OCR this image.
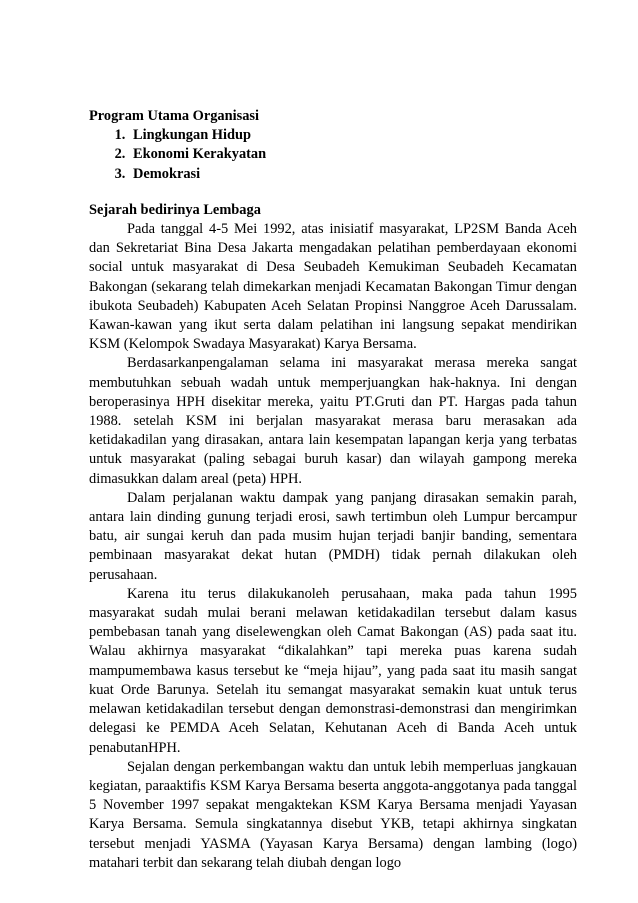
Program Utama Organisasi
1. Lingkungan Hidup
2. Ekonomi Kerakyatan
3. Demokrasi
Sejarah bedirinya Lembaga

Pada tanggal 4-5 Mei 1992, atas inisiatif masyarakat, LP2SM Banda Aceh dan Sekretariat Bina Desa Jakarta mengadakan pelatihan pemberdayaan ekonomi social untuk masyarakat di Desa Seubadeh Kemukiman Seubadeh Kecamatan Bakongan (sekarang telah dimekarkan menjadi Kecamatan Bakongan Timur dengan ibukota Seubadeh) Kabupaten Aceh Selatan Propinsi Nanggroe Aceh Darussalam. Kawan-kawan yang ikut serta dalam pelatihan ini langsung sepakat mendirikan KSM (Kelompok Swadaya Masyarakat) Karya Bersama.

Berdasarkanpengalaman selama ini masyarakat merasa mereka sangat membutuhkan sebuah wadah untuk memperjuangkan hak-haknya. Ini dengan beroperasinya HPH disekitar mereka, yaitu PT.Gruti dan PT. Hargas pada tahun 1988. setelah KSM ini berjalan masyarakat merasa baru merasakan ada ketidakadilan yang dirasakan, antara lain kesempatan lapangan kerja yang terbatas untuk masyarakat (paling sebagai buruh kasar) dan wilayah gampong mereka dimasukkan dalam areal (peta) HPH.

Dalam perjalanan waktu dampak yang panjang dirasakan semakin parah, antara lain dinding gunung terjadi erosi, sawh tertimbun oleh Lumpur bercampur batu, air sungai keruh dan pada musim hujan terjadi banjir banding, sementara pembinaan masyarakat dekat hutan (PMDH) tidak pernah dilakukan oleh perusahaan.

Karena itu terus dilakukanoleh perusahaan, maka pada tahun 1995 masyarakat sudah mulai berani melawan ketidakadilan tersebut dalam kasus pembebasan tanah yang diselewengkan oleh Camat Bakongan (AS) pada saat itu. Walau akhirnya masyarakat “dikalahkan” tapi mereka puas karena sudah mampumembawa kasus tersebut ke “meja hijau”, yang pada saat itu masih sangat kuat Orde Barunya. Setelah itu semangat masyarakat semakin kuat untuk terus melawan ketidakadilan tersebut dengan demonstrasi-demonstrasi dan mengirimkan delegasi ke PEMDA Aceh Selatan, Kehutanan Aceh di Banda Aceh untuk penabutanHPH.

Sejalan dengan perkembangan waktu dan untuk lebih memperluas jangkauan kegiatan, paraaktifis KSM Karya Bersama beserta anggota-anggotanya pada tanggal 5 November 1997 sepakat mengaktekan KSM Karya Bersama menjadi Yayasan Karya Bersama. Semula singkatannya disebut YKB, tetapi akhirnya singkatan tersebut menjadi YASMA (Yayasan Karya Bersama) dengan lambing (logo) matahari terbit dan sekarang telah diubah dengan logo
